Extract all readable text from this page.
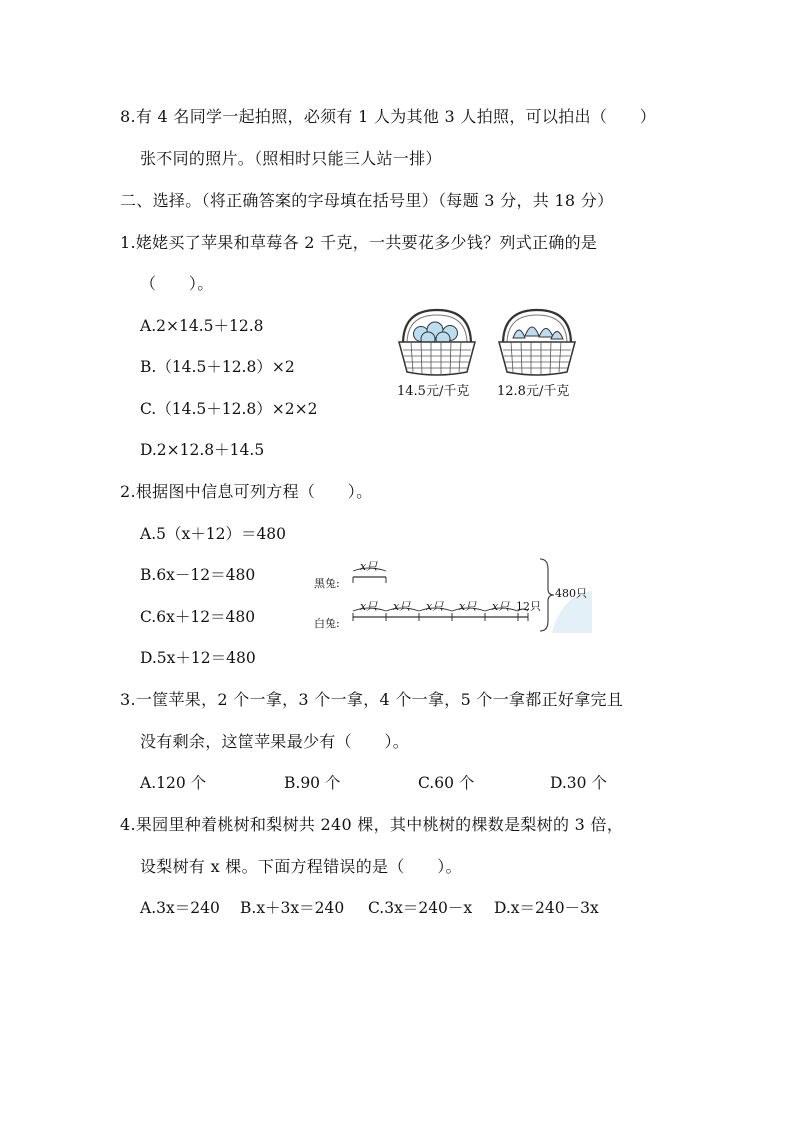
8.有 4 名同学一起拍照，必须有 1 人为其他 3 人拍照，可以拍出（　　）
张不同的照片。（照相时只能三人站一排）
二、选择。（将正确答案的字母填在括号里）（每题 3 分，共 18 分）
1.姥姥买了苹果和草莓各 2 千克，一共要花多少钱？列式正确的是
（　　）。
A.2×14.5＋12.8
B.（14.5＋12.8）×2
C.（14.5＋12.8）×2×2
D.2×12.8＋14.5
14.5元/千克 12.8元/千克
2.根据图中信息可列方程（　　）。
A.5（x＋12）＝480
B.6x－12＝480
C.6x＋12＝480
D.5x＋12＝480
黑兔:
白兔:
x只
x只 x只 x只 x只 x只 12只
480只
3.一筐苹果，2 个一拿，3 个一拿，4 个一拿，5 个一拿都正好拿完且
没有剩余，这筐苹果最少有（　　）。
A.120 个	B.90 个	C.60 个	D.30 个
4.果园里种着桃树和梨树共 240 棵，其中桃树的棵数是梨树的 3 倍，
设梨树有 x 棵。下面方程错误的是（　　）。
A.3x＝240 B.x＋3x＝240 C.3x＝240－x D.x＝240－3x
